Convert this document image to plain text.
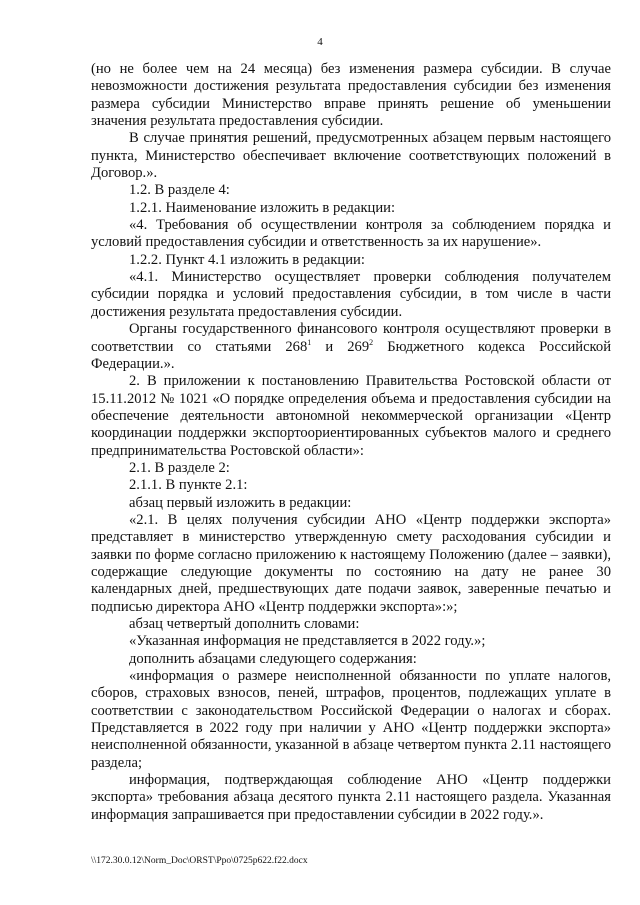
4

(но не более чем на 24 месяца) без изменения размера субсидии. В случае невозможности достижения результата предоставления субсидии без изменения размера субсидии Министерство вправе принять решение об уменьшении значения результата предоставления субсидии.

В случае принятия решений, предусмотренных абзацем первым настоящего пункта, Министерство обеспечивает включение соответствующих положений в Договор.».

1.2. В разделе 4:

1.2.1. Наименование изложить в редакции:

«4. Требования об осуществлении контроля за соблюдением порядка и условий предоставления субсидии и ответственность за их нарушение».

1.2.2. Пункт 4.1 изложить в редакции:

«4.1. Министерство осуществляет проверки соблюдения получателем субсидии порядка и условий предоставления субсидии, в том числе в части достижения результата предоставления субсидии.

Органы государственного финансового контроля осуществляют проверки в соответствии со статьями $268^1$ и $269^2$ Бюджетного кодекса Российской Федерации.».

2. В приложении к постановлению Правительства Ростовской области от 15.11.2012 № 1021 «О порядке определения объема и предоставления субсидии на обеспечение деятельности автономной некоммерческой организации «Центр координации поддержки экспортоориентированных субъектов малого и среднего предпринимательства Ростовской области»:

2.1. В разделе 2:

2.1.1. В пункте 2.1:

абзац первый изложить в редакции:

«2.1. В целях получения субсидии АНО «Центр поддержки экспорта» представляет в министерство утвержденную смету расходования субсидии и заявки по форме согласно приложению к настоящему Положению (далее – заявки), содержащие следующие документы по состоянию на дату не ранее 30 календарных дней, предшествующих дате подачи заявок, заверенные печатью и подписью директора АНО «Центр поддержки экспорта»:»;

абзац четвертый дополнить словами:

«Указанная информация не представляется в 2022 году.»;

дополнить абзацами следующего содержания:

«информация о размере неисполненной обязанности по уплате налогов, сборов, страховых взносов, пеней, штрафов, процентов, подлежащих уплате в соответствии с законодательством Российской Федерации о налогах и сборах. Представляется в 2022 году при наличии у АНО «Центр поддержки экспорта» неисполненной обязанности, указанной в абзаце четвертом пункта 2.11 настоящего раздела;

информация, подтверждающая соблюдение АНО «Центр поддержки экспорта» требования абзаца десятого пункта 2.11 настоящего раздела. Указанная информация запрашивается при предоставлении субсидии в 2022 году.».

\\172.30.0.12\Norm_Doc\ORST\Ppo\0725p622.f22.docx
